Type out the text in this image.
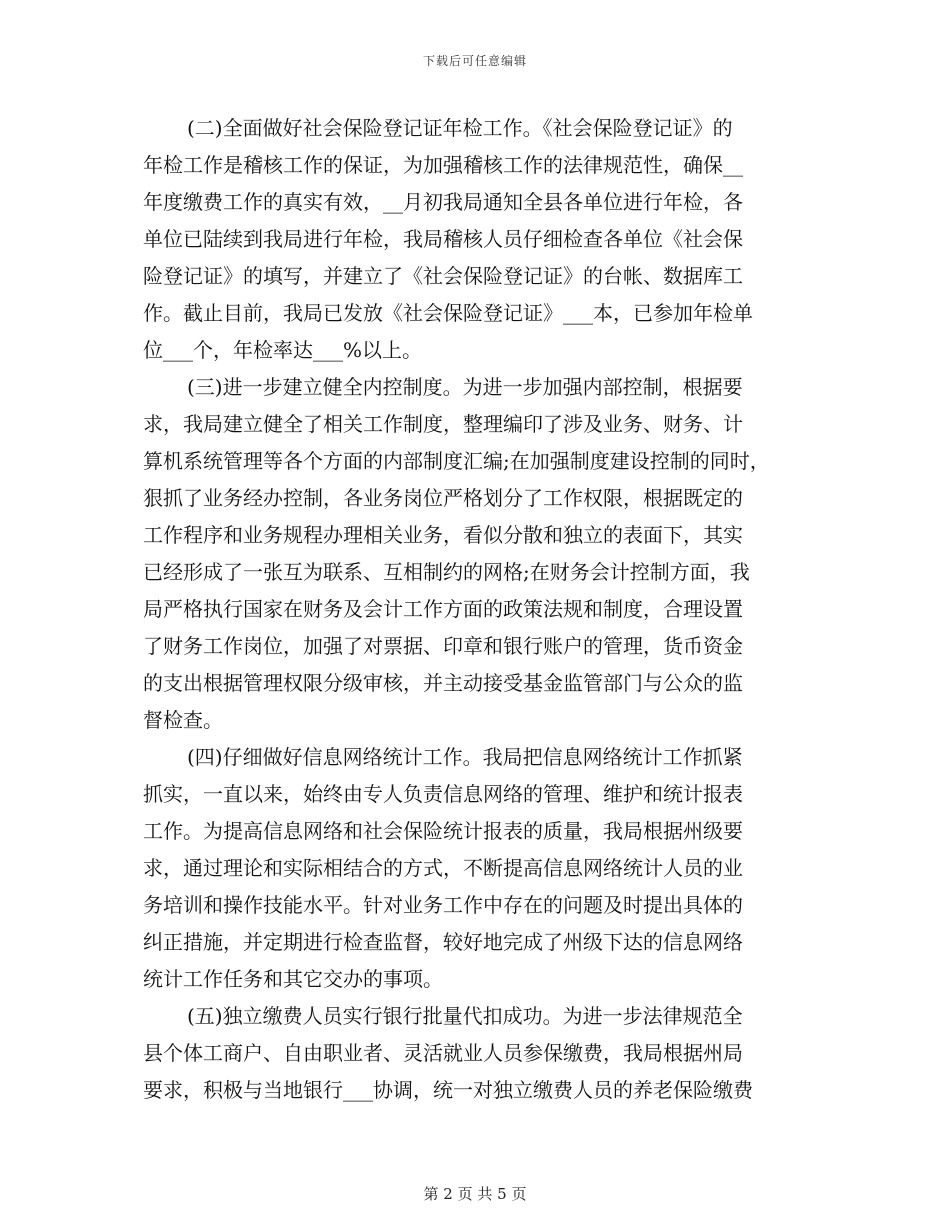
下载后可任意编辑
(二)全面做好社会保险登记证年检工作。《社会保险登记证》的
年检工作是稽核工作的保证，为加强稽核工作的法律规范性，确保__
年度缴费工作的真实有效，__月初我局通知全县各单位进行年检，各
单位已陆续到我局进行年检，我局稽核人员仔细检查各单位《社会保
险登记证》的填写，并建立了《社会保险登记证》的台帐、数据库工
作。截止目前，我局已发放《社会保险登记证》___本，已参加年检单
位___个，年检率达___%以上。
(三)进一步建立健全内控制度。为进一步加强内部控制，根据要
求，我局建立健全了相关工作制度，整理编印了涉及业务、财务、计
算机系统管理等各个方面的内部制度汇编;在加强制度建设控制的同时，
狠抓了业务经办控制，各业务岗位严格划分了工作权限，根据既定的
工作程序和业务规程办理相关业务，看似分散和独立的表面下，其实
已经形成了一张互为联系、互相制约的网格;在财务会计控制方面，我
局严格执行国家在财务及会计工作方面的政策法规和制度，合理设置
了财务工作岗位，加强了对票据、印章和银行账户的管理，货币资金
的支出根据管理权限分级审核，并主动接受基金监管部门与公众的监
督检查。
(四)仔细做好信息网络统计工作。我局把信息网络统计工作抓紧
抓实，一直以来，始终由专人负责信息网络的管理、维护和统计报表
工作。为提高信息网络和社会保险统计报表的质量，我局根据州级要
求，通过理论和实际相结合的方式，不断提高信息网络统计人员的业
务培训和操作技能水平。针对业务工作中存在的问题及时提出具体的
纠正措施，并定期进行检查监督，较好地完成了州级下达的信息网络
统计工作任务和其它交办的事项。
(五)独立缴费人员实行银行批量代扣成功。为进一步法律规范全
县个体工商户、自由职业者、灵活就业人员参保缴费，我局根据州局
要求，积极与当地银行___协调，统一对独立缴费人员的养老保险缴费
第 2 页 共 5 页
